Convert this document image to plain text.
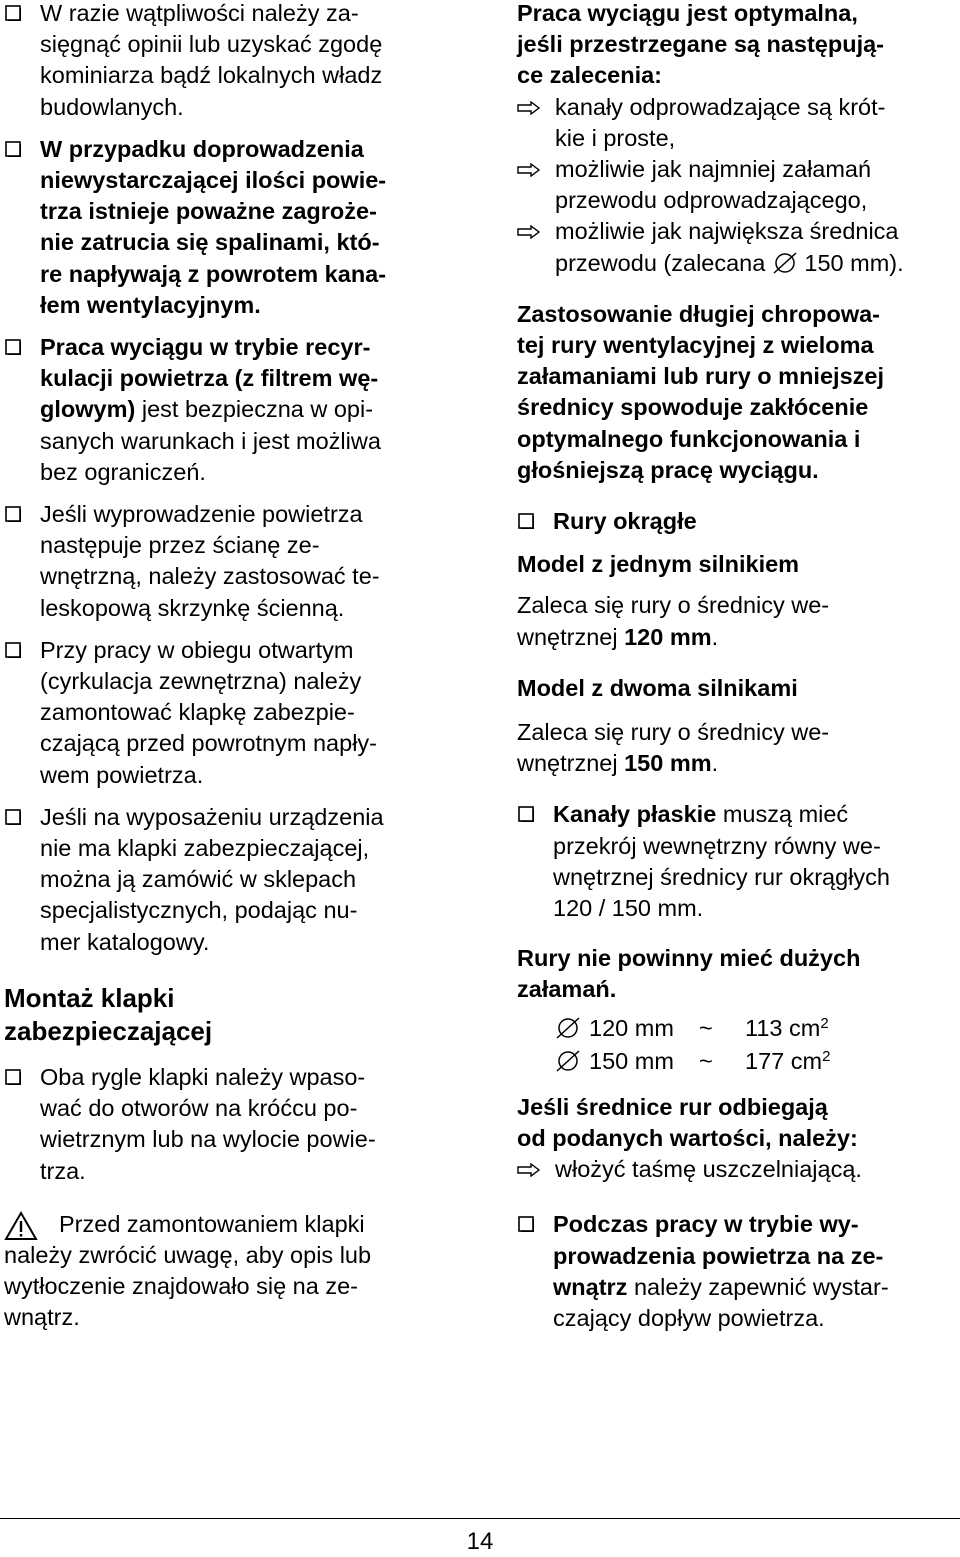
W razie wątpliwości należy za-
sięgnąć opinii lub uzyskać zgodę
kominiarza bądź lokalnych władz
budowlanych.

W przypadku doprowadzenia
niewystarczającej ilości powie-
trza istnieje poważne zagroże-
nie zatrucia się spalinami, któ-
re napływają z powrotem kana-
łem wentylacyjnym.

Praca wyciągu w trybie recyr-
kulacji powietrza (z filtrem wę-
glowym) jest bezpieczna w opi-
sanych warunkach i jest możliwa
bez ograniczeń.

Jeśli wyprowadzenie powietrza
następuje przez ścianę ze-
wnętrzną, należy zastosować te-
leskopową skrzynkę ścienną.

Przy pracy w obiegu otwartym
(cyrkulacja zewnętrzna) należy
zamontować klapkę zabezpie-
czającą przed powrotnym napły-
wem powietrza.

Jeśli na wyposażeniu urządzenia
nie ma klapki zabezpieczającej,
można ją zamówić w sklepach
specjalistycznych, podając nu-
mer katalogowy.

Montaż klapki
zabezpieczającej

Oba rygle klapki należy wpaso-
wać do otworów na króćcu po-
wietrznym lub na wylocie powie-
trza.

Przed zamontowaniem klapki
należy zwrócić uwagę, aby opis lub
wytłoczenie znajdowało się na ze-
wnątrz.

Praca wyciągu jest optymalna,
jeśli przestrzegane są następują-
ce zalecenia:

kanały odprowadzające są krót-
kie i proste,

możliwie jak najmniej załamań
przewodu odprowadzającego,

możliwie jak największa średnica
przewodu (zalecana  150 mm).

Zastosowanie długiej chropowa-
tej rury wentylacyjnej z wieloma
załamaniami lub rury o mniejszej
średnicy spowoduje zakłócenie
optymalnego funkcjonowania i
głośniejszą pracę wyciągu.

Rury okrągłe

Model z jednym silnikiem

Zaleca się rury o średnicy we-
wnętrznej 120 mm.

Model z dwoma silnikami

Zaleca się rury o średnicy we-
wnętrznej 150 mm.

Kanały płaskie muszą mieć
przekrój wewnętrzny równy we-
wnętrznej średnicy rur okrągłych
120 / 150 mm.

Rury nie powinny mieć dużych
załamań.

120 mm	~	113 $cm^2$
150 mm	~	177 $cm^2$

Jeśli średnice rur odbiegają
od podanych wartości, należy:

włożyć taśmę uszczelniającą.

Podczas pracy w trybie wy-
prowadzenia powietrza na ze-
wnątrz należy zapewnić wystar-
czający dopływ powietrza.

14
